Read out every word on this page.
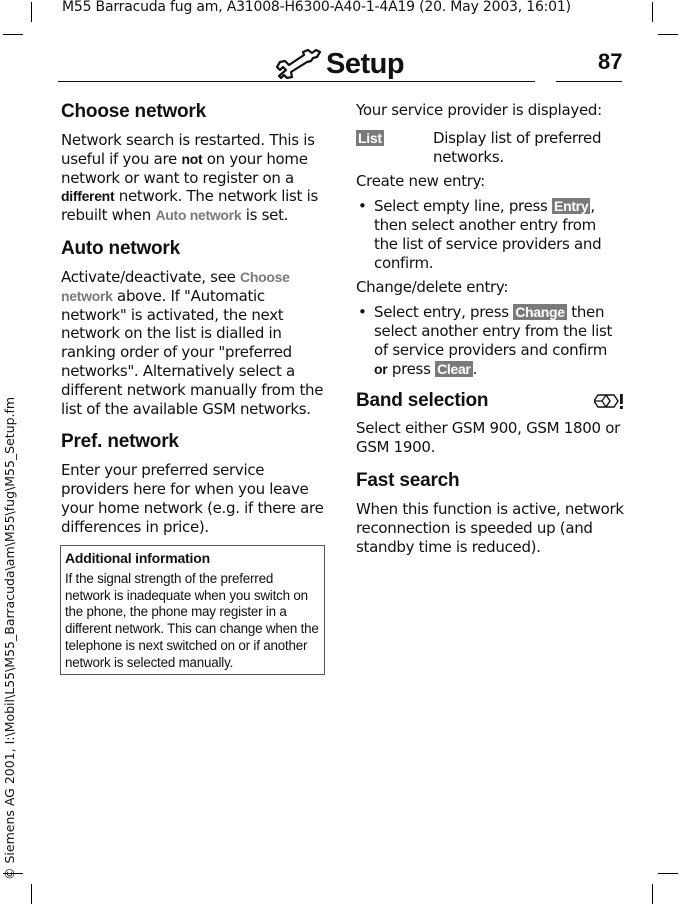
M55 Barracuda fug am, A31008-H6300-A40-1-4A19 (20. May 2003, 16:01)
© Siemens AG 2001, I:\Mobil\L55\M55_Barracuda\am\M55\fug\M55_Setup.fm
Setup	87
Choose network

Network search is restarted. This is useful if you are not on your home network or want to register on a different network. The network list is rebuilt when Auto network is set.

Auto network

Activate/deactivate, see Choose network above. If "Automatic network" is activated, the next network on the list is dialled in ranking order of your "preferred networks". Alternatively select a different network manually from the list of the available GSM networks.

Pref. network

Enter your preferred service providers here for when you leave your home network (e.g. if there are differences in price).

Additional information
If the signal strength of the preferred network is inadequate when you switch on the phone, the phone may register in a different network. This can change when the telephone is next switched on or if another network is selected manually.

Your service provider is displayed:

List	Display list of preferred networks.

Create new entry:

• Select empty line, press Entry , then select another entry from the list of service providers and confirm.

Change/delete entry:

• Select entry, press Change then select another entry from the list of service providers and confirm or press Clear .

Band selection

Select either GSM 900, GSM 1800 or GSM 1900.

Fast search

When this function is active, network reconnection is speeded up (and standby time is reduced).
